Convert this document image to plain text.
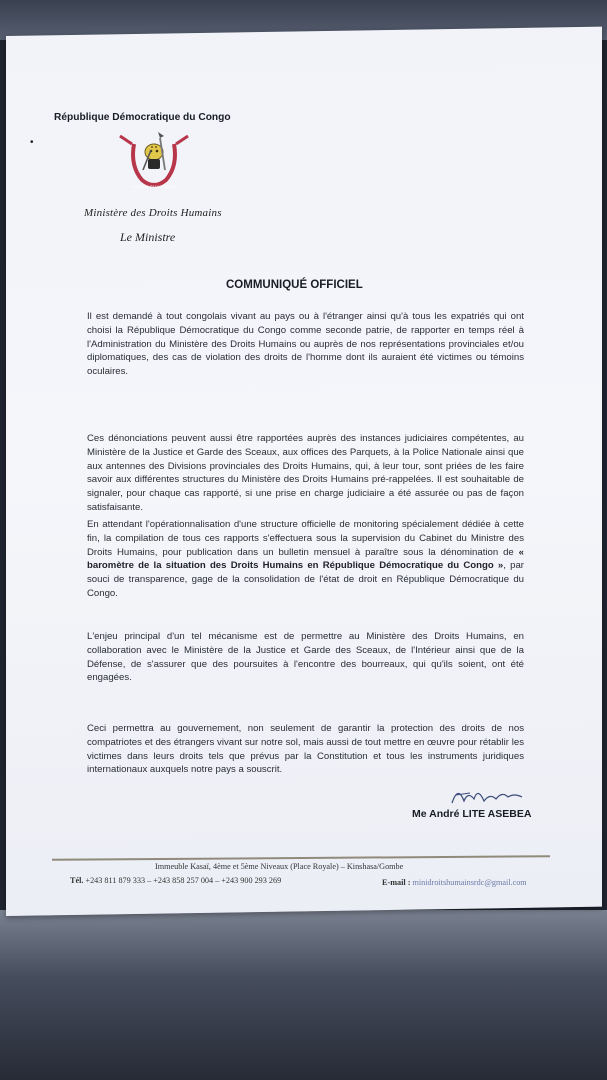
République Démocratique du Congo
•
JUSTICE PAIX TRAVAIL
Ministère des Droits Humains
Le Ministre
COMMUNIQUÉ OFFICIEL

Il est demandé à tout congolais vivant au pays ou à l'étranger ainsi qu'à tous les expatriés qui ont choisi la République Démocratique du Congo comme seconde patrie, de rapporter en temps réel à l'Administration du Ministère des Droits Humains ou auprès de nos représentations provinciales et/ou diplomatiques, des cas de violation des droits de l'homme dont ils auraient été victimes ou témoins oculaires.

Ces dénonciations peuvent aussi être rapportées auprès des instances judiciaires compétentes, au Ministère de la Justice et Garde des Sceaux, aux offices des Parquets, à la Police Nationale ainsi que aux antennes des Divisions provinciales des Droits Humains, qui, à leur tour, sont priées de les faire savoir aux différentes structures du Ministère des Droits Humains pré-rappelées. Il est souhaitable de signaler, pour chaque cas rapporté, si une prise en charge judiciaire a été assurée ou pas de façon satisfaisante.

En attendant l'opérationnalisation d'une structure officielle de monitoring spécialement dédiée à cette fin, la compilation de tous ces rapports s'effectuera sous la supervision du Cabinet du Ministre des Droits Humains, pour publication dans un bulletin mensuel à paraître sous la dénomination de « baromètre de la situation des Droits Humains en République Démocratique du Congo », par souci de transparence, gage de la consolidation de l'état de droit en République Démocratique du Congo.

L'enjeu principal d'un tel mécanisme est de permettre au Ministère des Droits Humains, en collaboration avec le Ministère de la Justice et Garde des Sceaux, de l'Intérieur ainsi que de la Défense, de s'assurer que des poursuites à l'encontre des bourreaux, qui qu'ils soient, ont été engagées.

Ceci permettra au gouvernement, non seulement de garantir la protection des droits de nos compatriotes et des étrangers vivant sur notre sol, mais aussi de tout mettre en œuvre pour rétablir les victimes dans leurs droits tels que prévus par la Constitution et tous les instruments juridiques internationaux auxquels notre pays a souscrit.

Me André LITE ASEBEA
Immeuble Kasaï, 4ème et 5ème Niveaux (Place Royale) – Kinshasa/Gombe
Tél. +243 811 879 333 – +243 858 257 004 – +243 900 293 269	E-mail : minidroitshumainsrdc@gmail.com
